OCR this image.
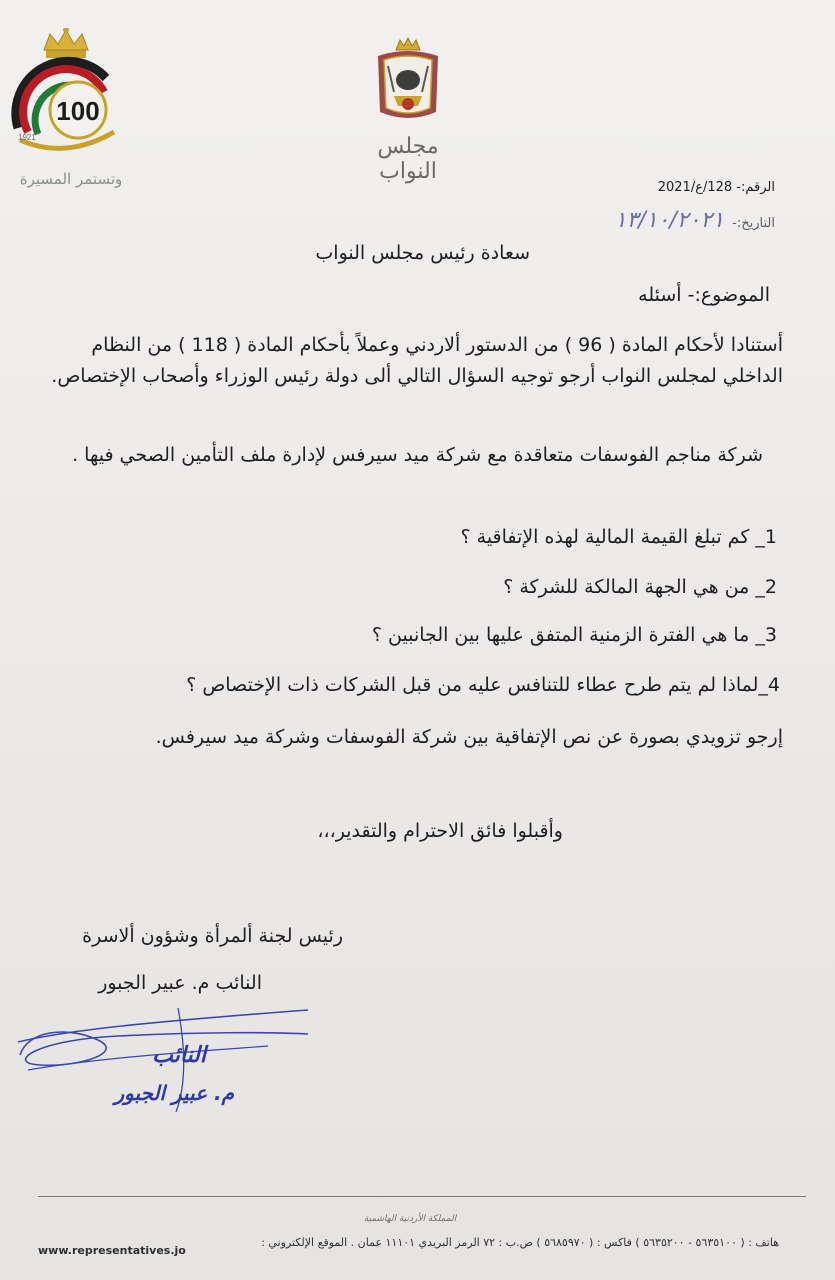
100
1921
وتستمر المسيرة
مجلس النواب
الرقم:- 128/ع/2021
التاريخ:- ١٣/١٠/٢٠٢١
سعادة رئيس مجلس النواب
الموضوع:- أسئله
أستنادا لأحكام المادة ( 96 ) من الدستور ألاردني وعملاً بأحكام المادة ( 118 ) من النظام الداخلي لمجلس النواب أرجو توجيه السؤال التالي ألى دولة رئيس الوزراء وأصحاب الإختصاص.
شركة مناجم الفوسفات متعاقدة مع شركة ميد سيرفس لإدارة ملف التأمين الصحي فيها .
1_ كم تبلغ القيمة المالية لهذه الإتفاقية ؟
2_ من هي الجهة المالكة للشركة ؟
3_ ما هي الفترة الزمنية المتفق عليها بين الجانبين ؟
4_لماذا لم يتم طرح عطاء للتنافس عليه من قبل الشركات ذات الإختصاص ؟
إرجو تزويدي بصورة عن نص الإتفاقية بين شركة الفوسفات وشركة ميد سيرفس.
وأقبلوا فائق الاحترام والتقدير،،،
رئيس لجنة ألمرأة وشؤون ألاسرة
النائب م. عبير الجبور
النائب
م. عبير الجبور
المملكة الأردنية الهاشمية
هاتف : ( ٥٦٣٥١٠٠ - ٥٦٣٥٢٠٠ ) فاكس : ( ٥٦٨٥٩٧٠ ) ص.ب : ٧٢ الرمز البريدي ١١١٠١ عمان . الموقع الإلكتروني :
www.representatives.jo
